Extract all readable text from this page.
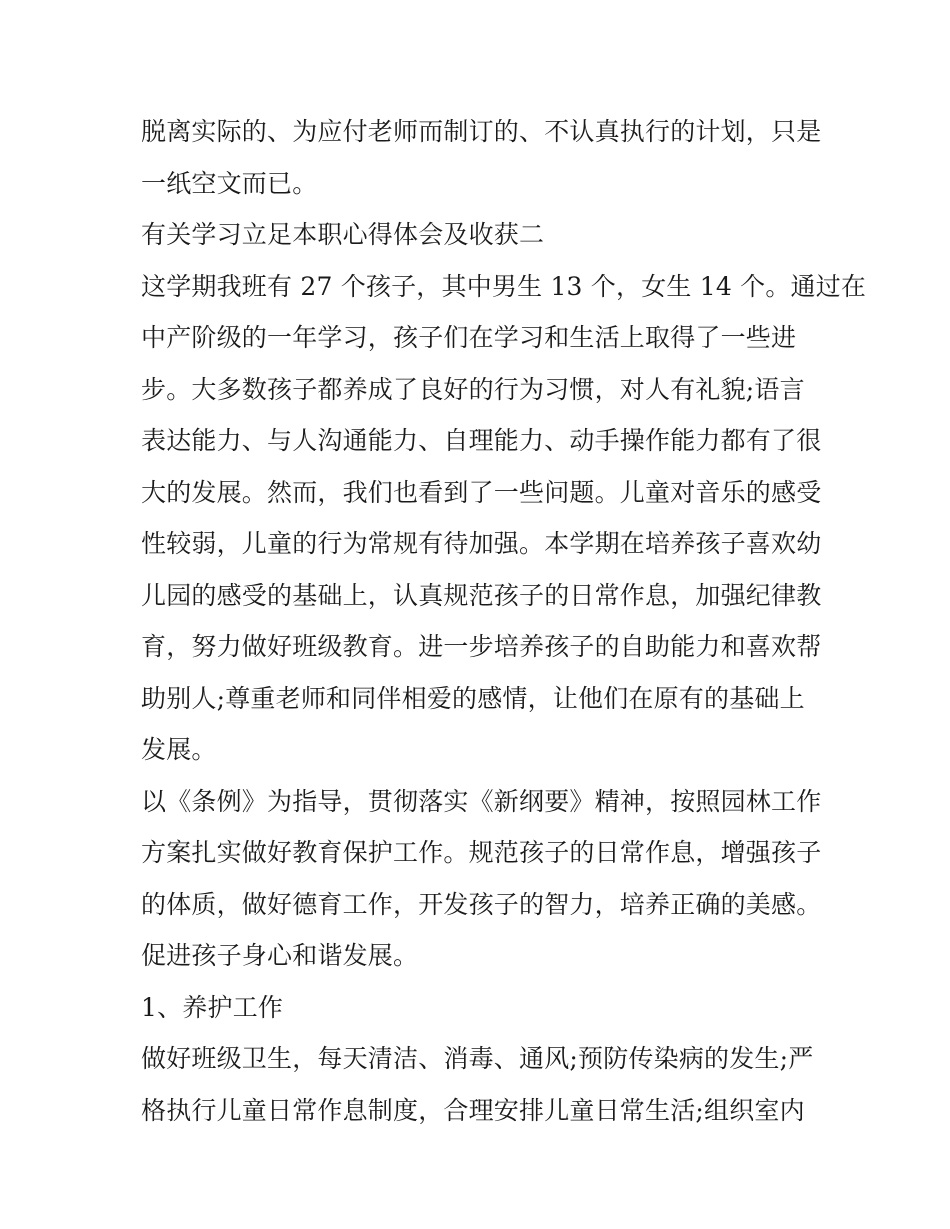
脱离实际的、为应付老师而制订的、不认真执行的计划，只是
一纸空文而已。
有关学习立足本职心得体会及收获二
这学期我班有 27 个孩子，其中男生 13 个，女生 14 个。通过在
中产阶级的一年学习，孩子们在学习和生活上取得了一些进
步。大多数孩子都养成了良好的行为习惯，对人有礼貌;语言
表达能力、与人沟通能力、自理能力、动手操作能力都有了很
大的发展。然而，我们也看到了一些问题。儿童对音乐的感受
性较弱，儿童的行为常规有待加强。本学期在培养孩子喜欢幼
儿园的感受的基础上，认真规范孩子的日常作息，加强纪律教
育，努力做好班级教育。进一步培养孩子的自助能力和喜欢帮
助别人;尊重老师和同伴相爱的感情，让他们在原有的基础上
发展。
以《条例》为指导，贯彻落实《新纲要》精神，按照园林工作
方案扎实做好教育保护工作。规范孩子的日常作息，增强孩子
的体质，做好德育工作，开发孩子的智力，培养正确的美感。
促进孩子身心和谐发展。
1、养护工作
做好班级卫生，每天清洁、消毒、通风;预防传染病的发生;严
格执行儿童日常作息制度，合理安排儿童日常生活;组织室内
